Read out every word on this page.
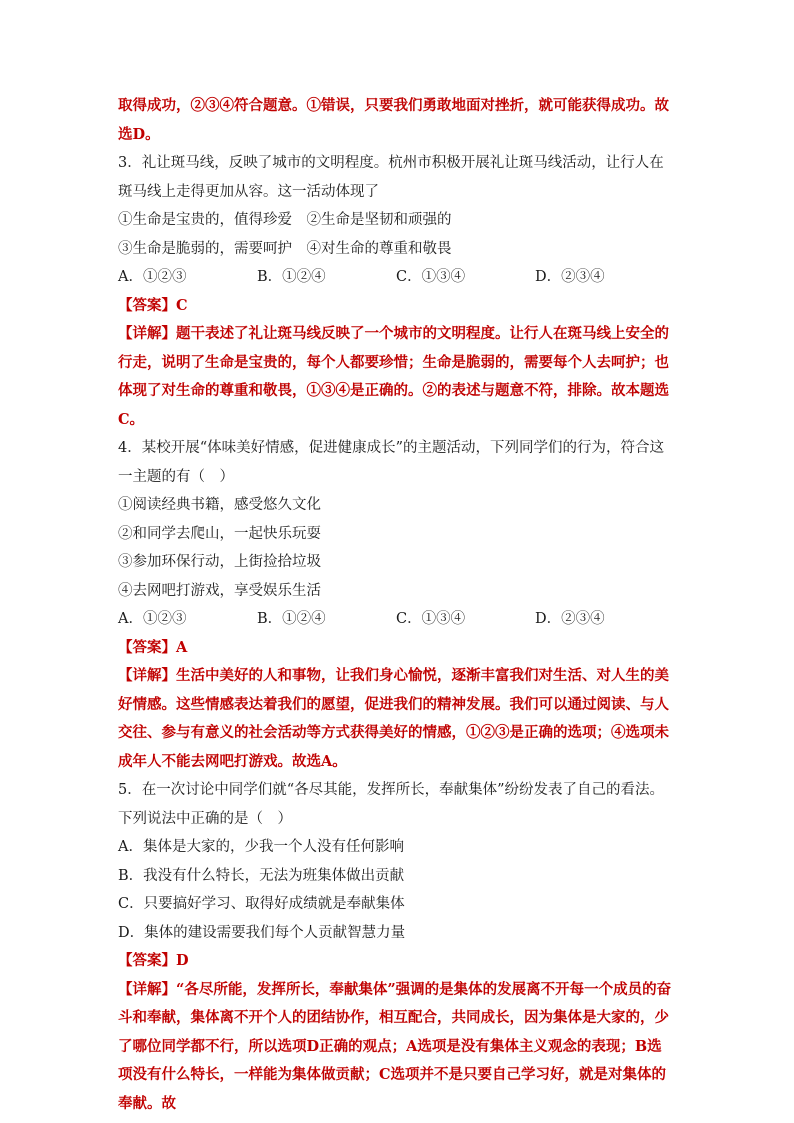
取得成功，②③④符合题意。①错误，只要我们勇敢地面对挫折，就可能获得成功。故选D。

3．礼让斑马线，反映了城市的文明程度。杭州市积极开展礼让斑马线活动，让行人在斑马线上走得更加从容。这一活动体现了

①生命是宝贵的，值得珍爱　②生命是坚韧和顽强的

③生命是脆弱的，需要呵护　④对生命的尊重和敬畏

A．①②③	B．①②④	C．①③④	D．②③④

【答案】C

【详解】题干表述了礼让斑马线反映了一个城市的文明程度。让行人在斑马线上安全的行走，说明了生命是宝贵的，每个人都要珍惜；生命是脆弱的，需要每个人去呵护；也体现了对生命的尊重和敬畏，①③④是正确的。②的表述与题意不符，排除。故本题选C。

4．某校开展“体味美好情感，促进健康成长”的主题活动，下列同学们的行为，符合这一主题的有（　）

①阅读经典书籍，感受悠久文化

②和同学去爬山，一起快乐玩耍

③参加环保行动，上街捡拾垃圾

④去网吧打游戏，享受娱乐生活

A．①②③	B．①②④	C．①③④	D．②③④

【答案】A

【详解】生活中美好的人和事物，让我们身心愉悦，逐渐丰富我们对生活、对人生的美好情感。这些情感表达着我们的愿望，促进我们的精神发展。我们可以通过阅读、与人交往、参与有意义的社会活动等方式获得美好的情感，①②③是正确的选项；④选项未成年人不能去网吧打游戏。故选A。

5．在一次讨论中同学们就“各尽其能，发挥所长，奉献集体”纷纷发表了自己的看法。下列说法中正确的是（　）

A．集体是大家的，少我一个人没有任何影响

B．我没有什么特长，无法为班集体做出贡献

C．只要搞好学习、取得好成绩就是奉献集体

D．集体的建设需要我们每个人贡献智慧力量

【答案】D

【详解】“各尽所能，发挥所长，奉献集体”强调的是集体的发展离不开每一个成员的奋斗和奉献，集体离不开个人的团结协作，相互配合，共同成长，因为集体是大家的，少了哪位同学都不行，所以选项D正确的观点；A选项是没有集体主义观念的表现；B选项没有什么特长，一样能为集体做贡献；C选项并不是只要自己学习好，就是对集体的奉献。故
